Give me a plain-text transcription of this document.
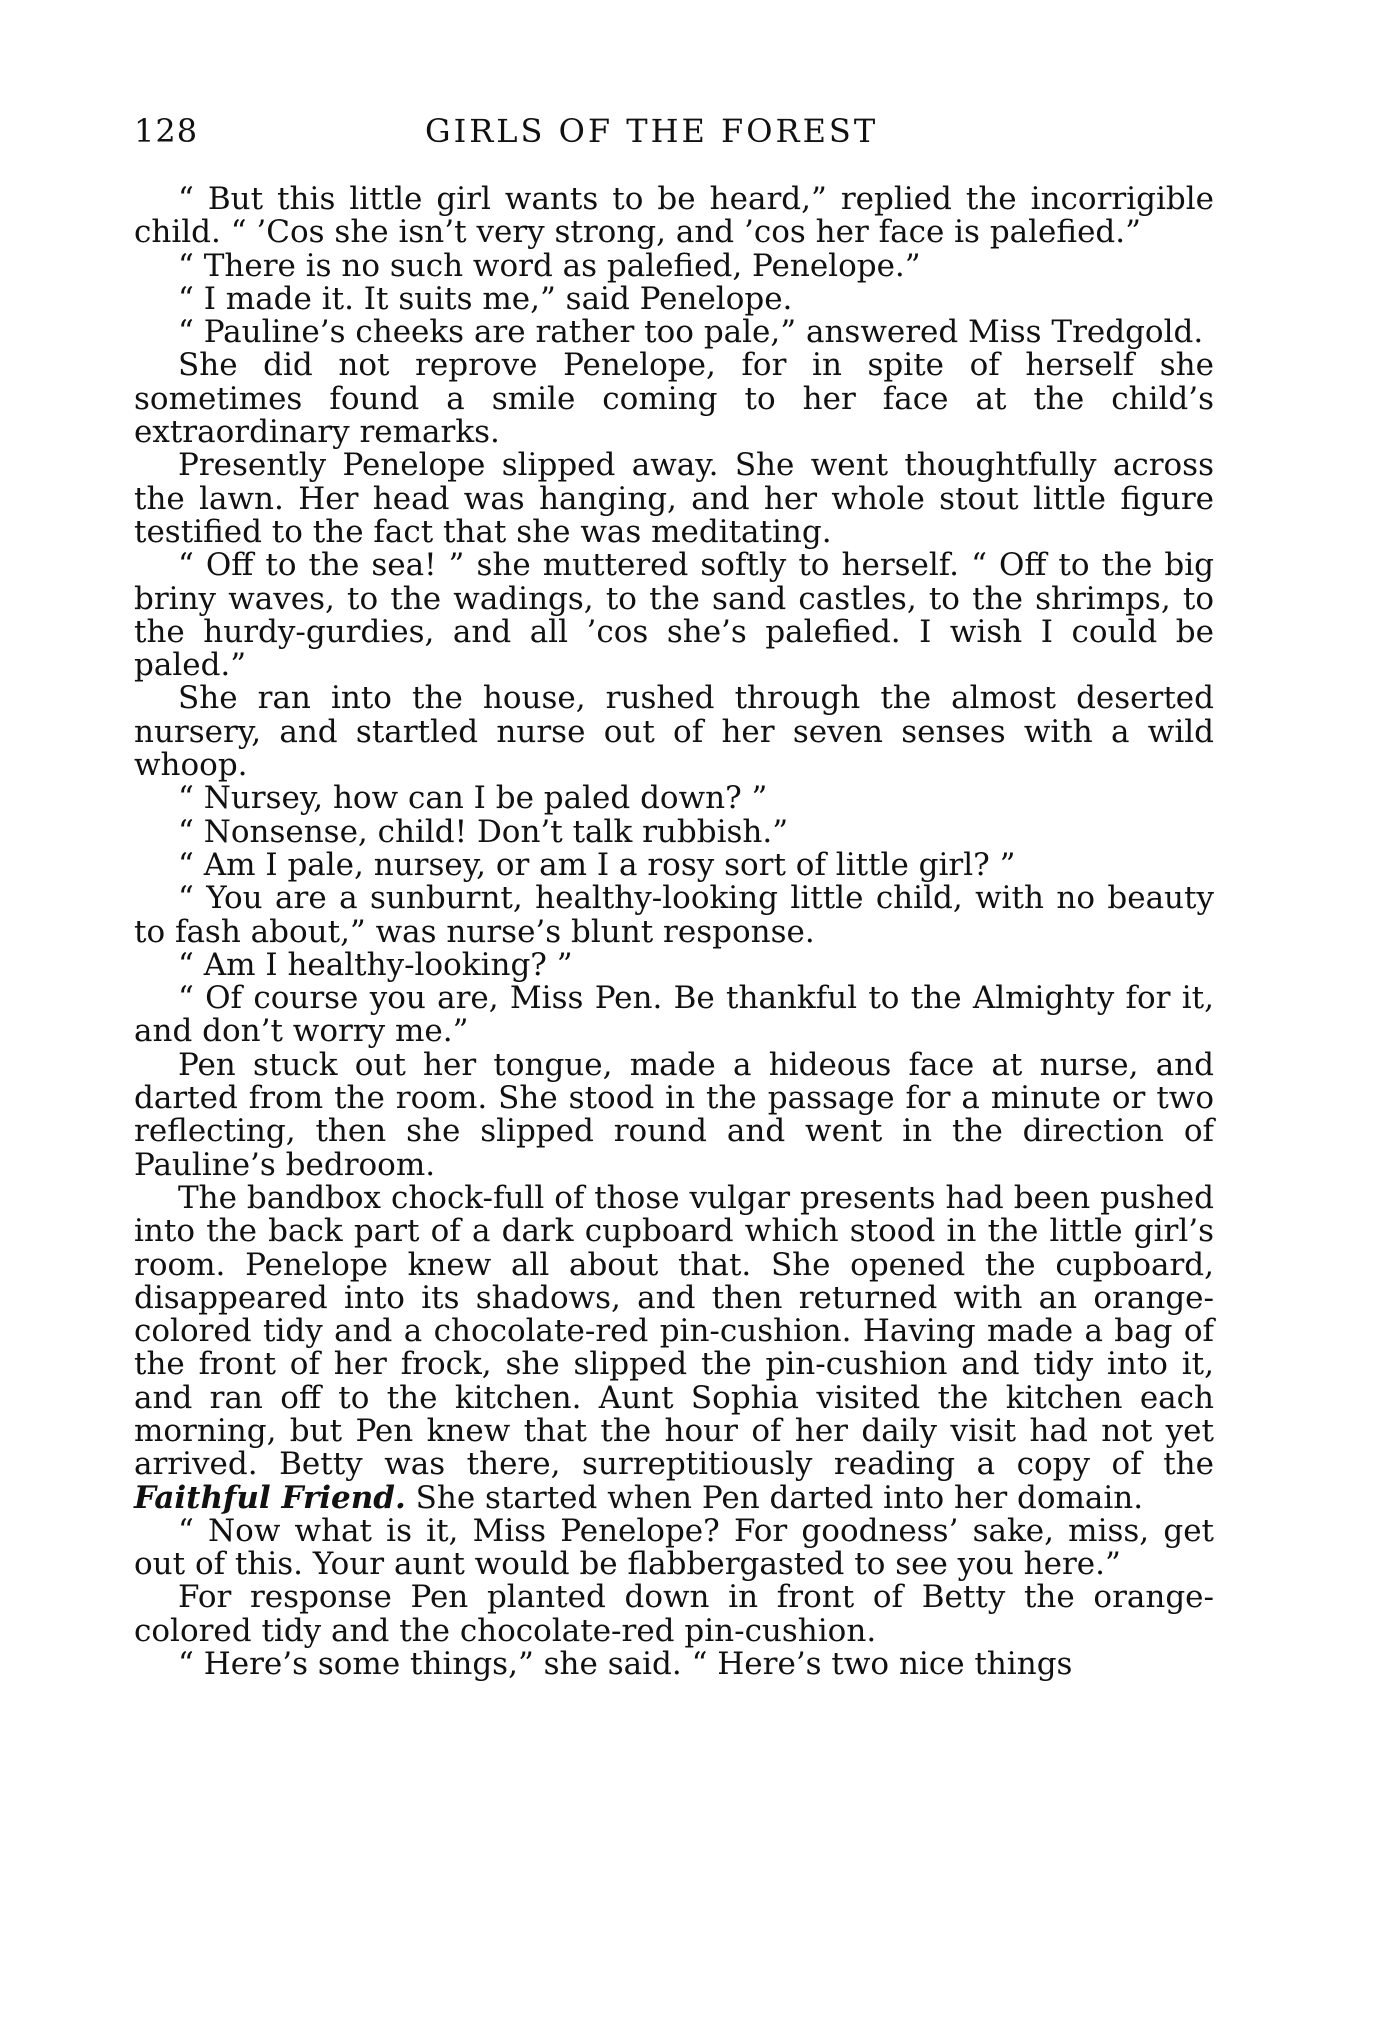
128	GIRLS OF THE FOREST

“ But this little girl wants to be heard,” replied the incorrigible child. “ ’Cos she isn’t very strong, and ’cos her face is palefied.”

“ There is no such word as palefied, Penelope.”

“ I made it. It suits me,” said Penelope.

“ Pauline’s cheeks are rather too pale,” answered Miss Tredgold.

She did not reprove Penelope, for in spite of herself she sometimes found a smile coming to her face at the child’s extraordinary remarks.

Presently Penelope slipped away. She went thoughtfully across the lawn. Her head was hanging, and her whole stout little figure testified to the fact that she was meditating.

“ Off to the sea! ” she muttered softly to herself. “ Off to the big briny waves, to the wadings, to the sand castles, to the shrimps, to the hurdy-gurdies, and all ’cos she’s palefied. I wish I could be paled.”

She ran into the house, rushed through the almost deserted nursery, and startled nurse out of her seven senses with a wild whoop.

“ Nursey, how can I be paled down? ”

“ Nonsense, child! Don’t talk rubbish.”

“ Am I pale, nursey, or am I a rosy sort of little girl? ”

“ You are a sunburnt, healthy-looking little child, with no beauty to fash about,” was nurse’s blunt response.

“ Am I healthy-looking? ”

“ Of course you are, Miss Pen. Be thankful to the Almighty for it, and don’t worry me.”

Pen stuck out her tongue, made a hideous face at nurse, and darted from the room. She stood in the passage for a minute or two reflecting, then she slipped round and went in the direction of Pauline’s bedroom.

The bandbox chock-full of those vulgar presents had been pushed into the back part of a dark cupboard which stood in the little girl’s room. Penelope knew all about that. She opened the cupboard, disappeared into its shadows, and then returned with an orange-colored tidy and a chocolate-red pin-cushion. Having made a bag of the front of her frock, she slipped the pin-cushion and tidy into it, and ran off to the kitchen. Aunt Sophia visited the kitchen each morning, but Pen knew that the hour of her daily visit had not yet arrived. Betty was there, surreptitiously reading a copy of the Faithful Friend. She started when Pen darted into her domain.

“ Now what is it, Miss Penelope? For goodness’ sake, miss, get out of this. Your aunt would be flabbergasted to see you here.”

For response Pen planted down in front of Betty the orange-colored tidy and the chocolate-red pin-cushion.

“ Here’s some things,” she said. “ Here’s two nice things
